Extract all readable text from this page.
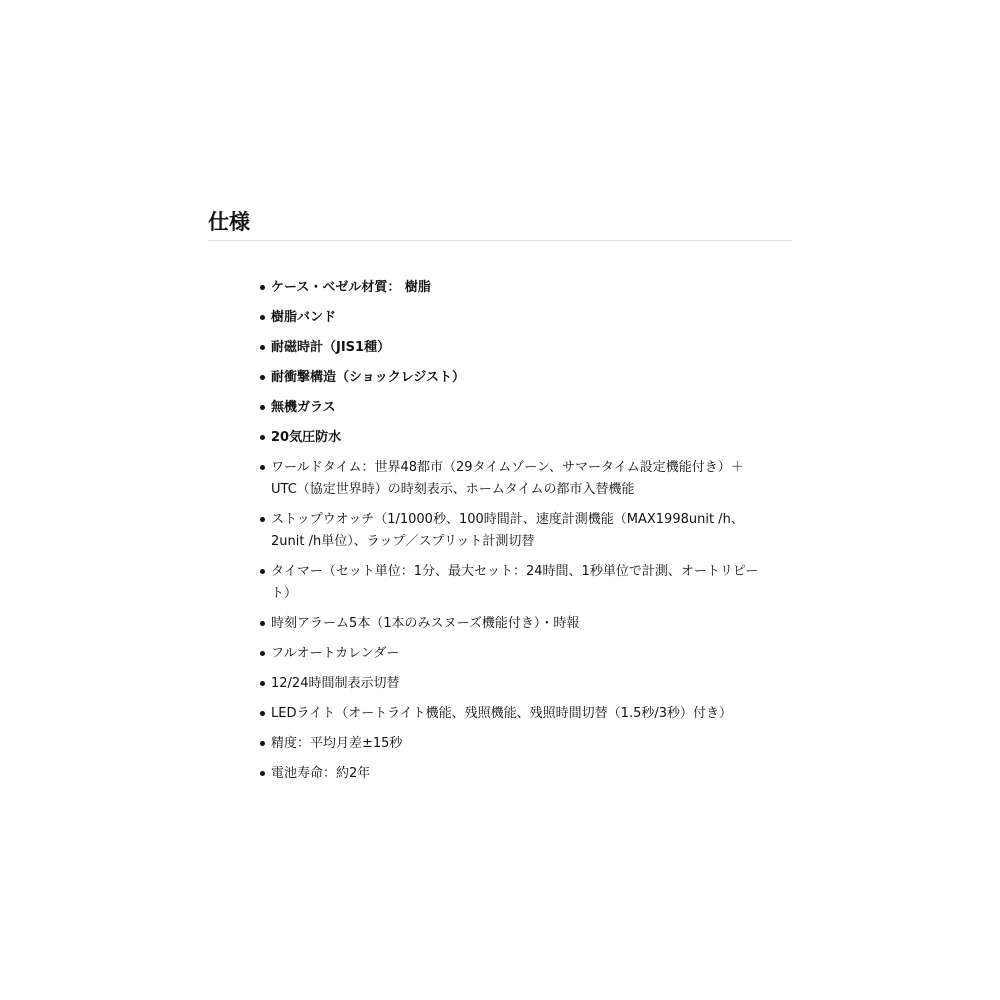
仕様
ケース・ベゼル材質： 樹脂
樹脂バンド
耐磁時計（JIS1種）
耐衝撃構造（ショックレジスト）
無機ガラス
20気圧防水
ワールドタイム：世界48都市（29タイムゾーン、サマータイム設定機能付き）＋ UTC（協定世界時）の時刻表示、ホームタイムの都市入替機能
ストップウオッチ（1/1000秒、100時間計、速度計測機能（MAX1998unit /h、2unit /h単位）、ラップ／スプリット計測切替
タイマー（セット単位：1分、最大セット：24時間、1秒単位で計測、オートリピート）
時刻アラーム5本（1本のみスヌーズ機能付き）・時報
フルオートカレンダー
12/24時間制表示切替
LEDライト（オートライト機能、残照機能、残照時間切替（1.5秒/3秒）付き）
精度：平均月差±15秒
電池寿命：約2年
